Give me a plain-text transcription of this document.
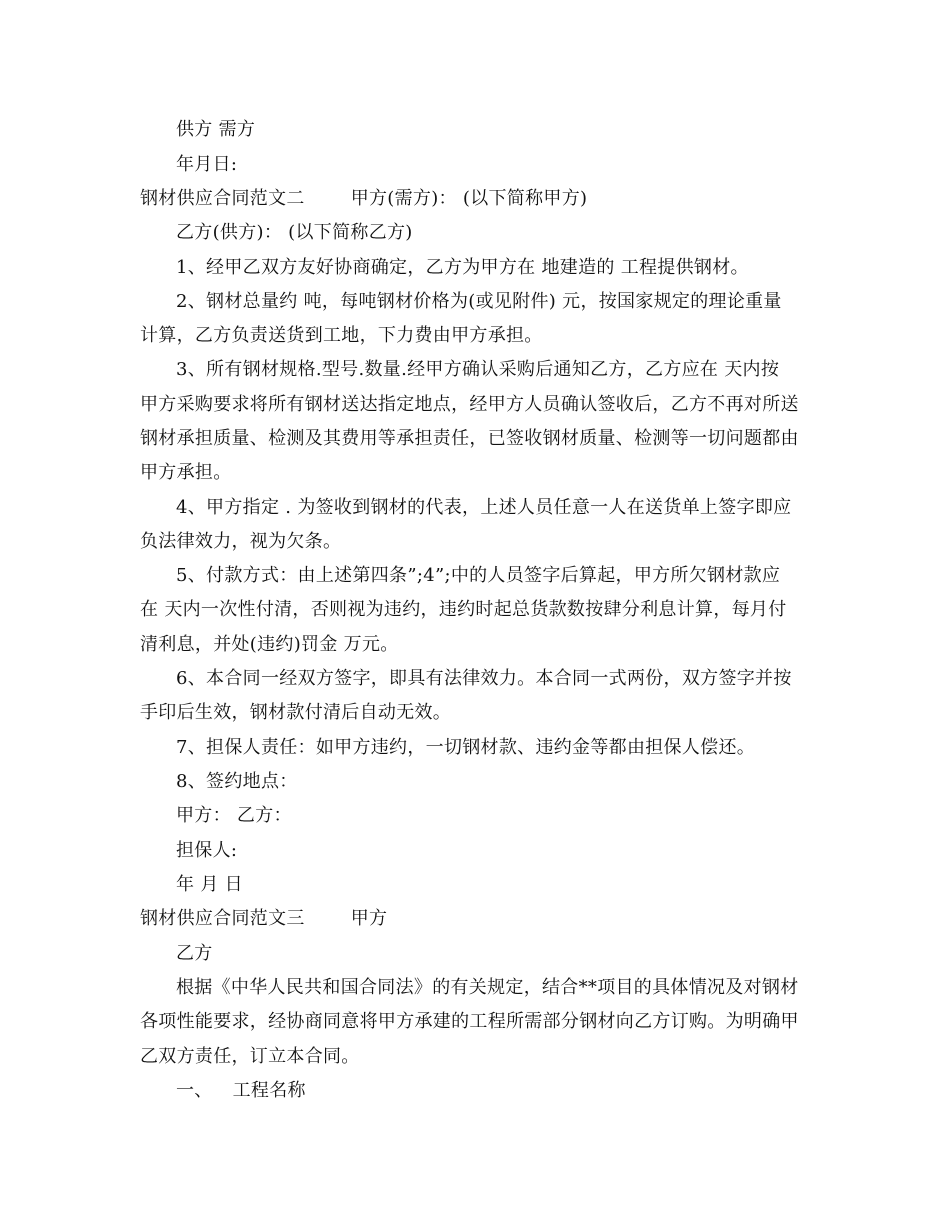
供方 需方
年月日:
钢材供应合同范文二	甲方(需方)： (以下简称甲方)
乙方(供方)： (以下简称乙方)
1、经甲乙双方友好协商确定，乙方为甲方在 地建造的 工程提供钢材。
2、钢材总量约 吨，每吨钢材价格为(或见附件) 元，按国家规定的理论重量
计算，乙方负责送货到工地，下力费由甲方承担。
3、所有钢材规格.型号.数量.经甲方确认采购后通知乙方，乙方应在 天内按
甲方采购要求将所有钢材送达指定地点，经甲方人员确认签收后，乙方不再对所送
钢材承担质量、检测及其费用等承担责任，已签收钢材质量、检测等一切问题都由
甲方承担。
4、甲方指定 . 为签收到钢材的代表，上述人员任意一人在送货单上签字即应
负法律效力，视为欠条。
5、付款方式：由上述第四条”;4”;中的人员签字后算起，甲方所欠钢材款应
在 天内一次性付清，否则视为违约，违约时起总货款数按肆分利息计算，每月付
清利息，并处(违约)罚金 万元。
6、本合同一经双方签字，即具有法律效力。本合同一式两份，双方签字并按
手印后生效，钢材款付清后自动无效。
7、担保人责任：如甲方违约，一切钢材款、违约金等都由担保人偿还。
8、签约地点：
甲方： 乙方：
担保人:
年 月 日
钢材供应合同范文三	甲方
乙方
根据《中华人民共和国合同法》的有关规定，结合**项目的具体情况及对钢材
各项性能要求，经协商同意将甲方承建的工程所需部分钢材向乙方订购。为明确甲
乙双方责任，订立本合同。
一、 工程名称
